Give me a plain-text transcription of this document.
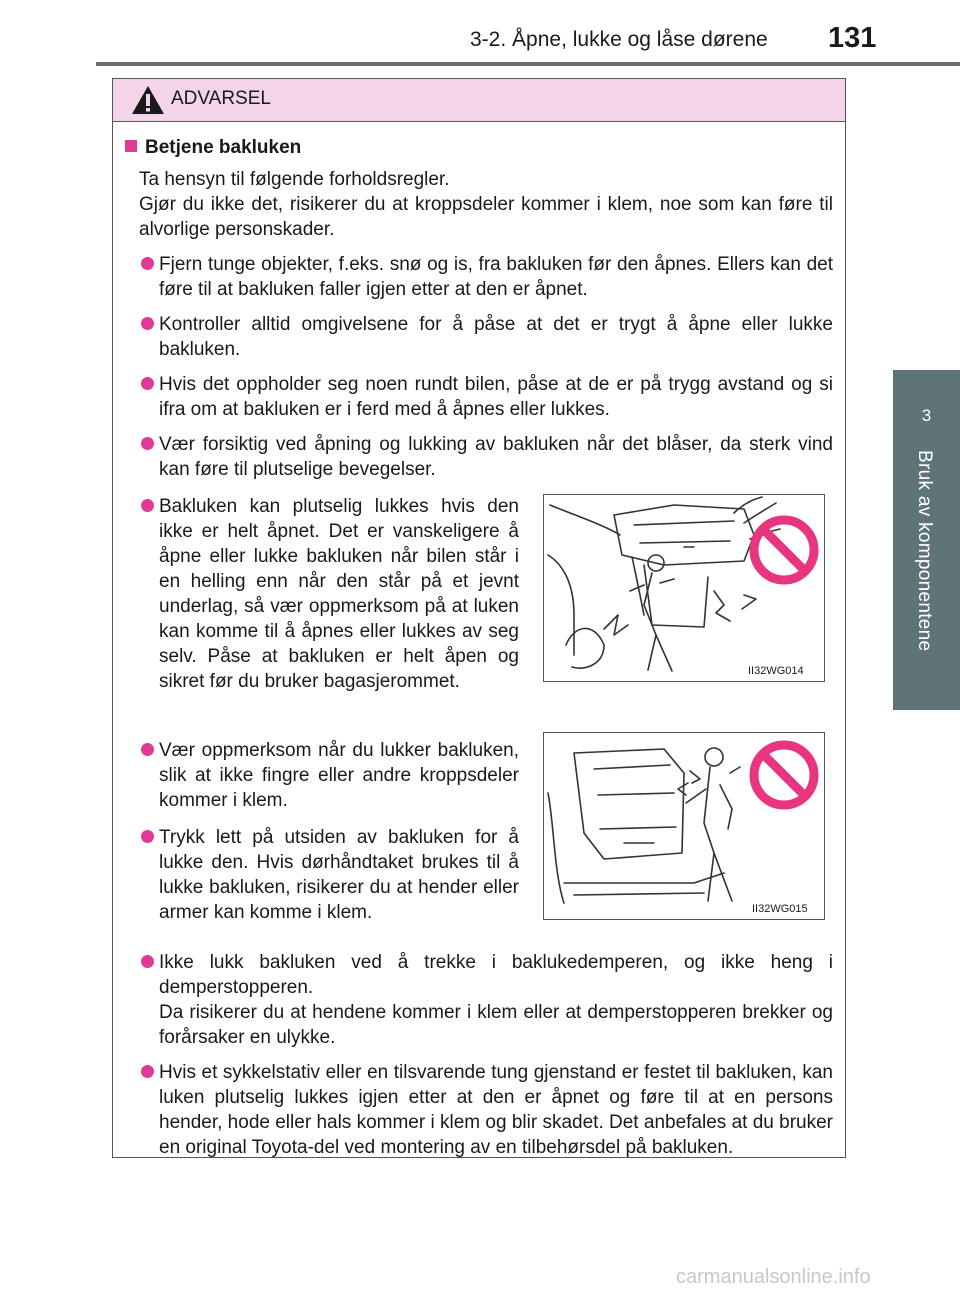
3-2. Åpne, lukke og låse dørene 131
3
Bruk av komponentene
ADVARSEL
Betjene bakluken
Ta hensyn til følgende forholdsregler.
Gjør du ikke det, risikerer du at kroppsdeler kommer i klem, noe som kan føre til alvorlige personskader.

Fjern tunge objekter, f.eks. snø og is, fra bakluken før den åpnes. Ellers kan det føre til at bakluken faller igjen etter at den er åpnet.

Kontroller alltid omgivelsene for å påse at det er trygt å åpne eller lukke bakluken.

Hvis det oppholder seg noen rundt bilen, påse at de er på trygg avstand og si ifra om at bakluken er i ferd med å åpnes eller lukkes.

Vær forsiktig ved åpning og lukking av bakluken når det blåser, da sterk vind kan føre til plutselige bevegelser.

Bakluken kan plutselig lukkes hvis den ikke er helt åpnet. Det er vanskeligere å åpne eller lukke bakluken når bilen står i en helling enn når den står på et jevnt underlag, så vær oppmerksom på at luken kan komme til å åpnes eller lukkes av seg selv. Påse at bakluken er helt åpen og sikret før du bruker bagasjerommet.	II32WG014

Vær oppmerksom når du lukker bakluken, slik at ikke fingre eller andre kroppsdeler kommer i klem.

Trykk lett på utsiden av bakluken for å lukke den. Hvis dørhåndtaket brukes til å lukke bakluken, risikerer du at hender eller armer kan komme i klem.	II32WG015

Ikke lukk bakluken ved å trekke i baklukedemperen, og ikke heng i demperstopperen.

Da risikerer du at hendene kommer i klem eller at demperstopperen brekker og forårsaker en ulykke.

Hvis et sykkelstativ eller en tilsvarende tung gjenstand er festet til bakluken, kan luken plutselig lukkes igjen etter at den er åpnet og føre til at en persons hender, hode eller hals kommer i klem og blir skadet. Det anbefales at du bruker en original Toyota-del ved montering av en tilbehørsdel på bakluken.

carmanualsonline.info
